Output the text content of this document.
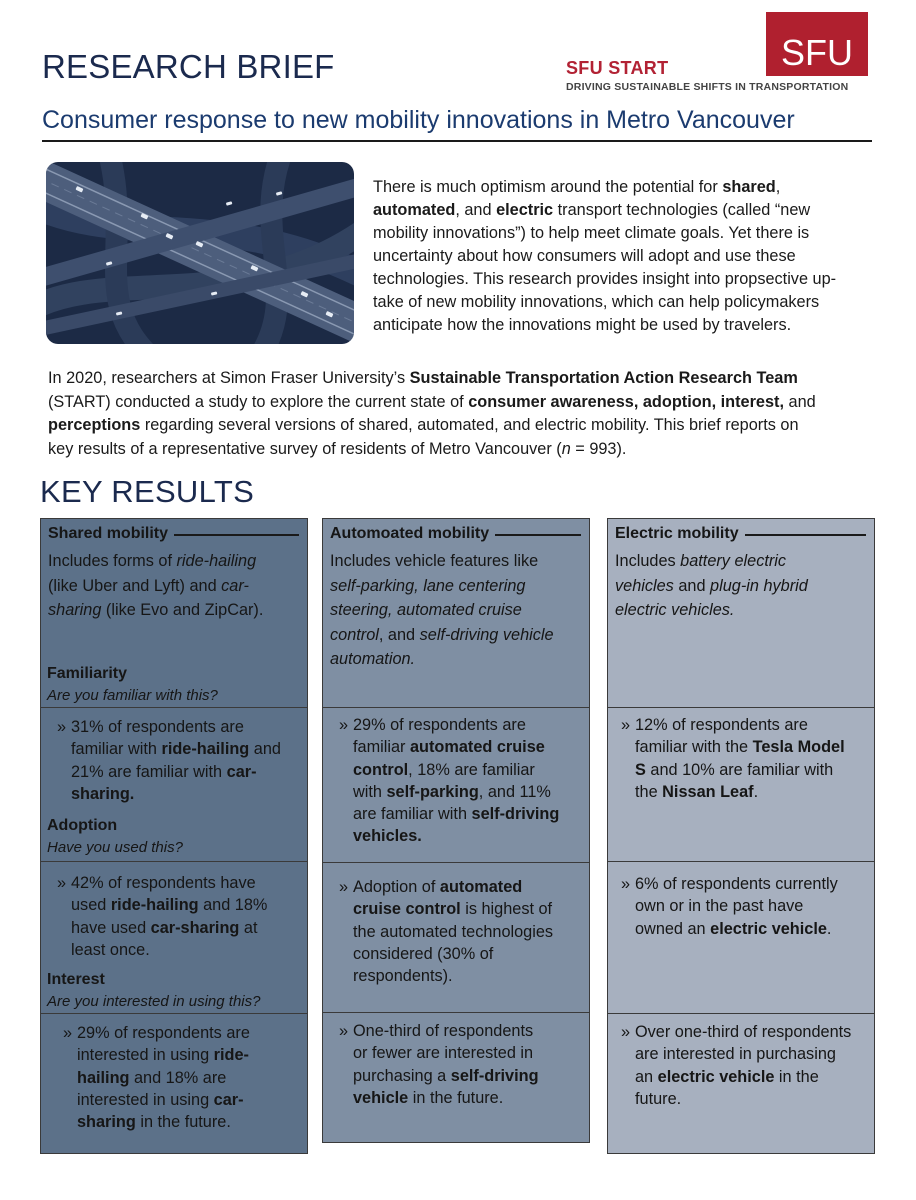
RESEARCH BRIEF	SFU START
DRIVING SUSTAINABLE SHIFTS IN TRANSPORTATION
SFU
Consumer response to new mobility innovations in Metro Vancouver
There is much optimism around the potential for shared,
automated, and electric transport technologies (called “new
mobility innovations”) to help meet climate goals. Yet there is
uncertainty about how consumers will adopt and use these
technologies. This research provides insight into propsective up-
take of new mobility innovations, which can help policymakers
anticipate how the innovations might be used by travelers.
In 2020, researchers at Simon Fraser University’s Sustainable Transportation Action Research Team
(START) conducted a study to explore the current state of consumer awareness, adoption, interest, and
perceptions regarding several versions of shared, automated, and electric mobility. This brief reports on
key results of a representative survey of residents of Metro Vancouver (n = 993).
KEY RESULTS
Shared mobility
Includes forms of ride-hailing
(like Uber and Lyft) and car-
sharing (like Evo and ZipCar).
Familiarity
Are you familiar with this?
» 31% of respondents are
familiar with ride-hailing and
21% are familiar with car-
sharing.
Adoption
Have you used this?
» 42% of respondents have
used ride-hailing and 18%
have used car-sharing at
least once.
Interest
Are you interested in using this?
» 29% of respondents are
interested in using ride-
hailing and 18% are
interested in using car-
sharing in the future.
Automoated mobility
Includes vehicle features like
self-parking, lane centering
steering, automated cruise
control, and self-driving vehicle
automation.
» 29% of respondents are
familiar automated cruise
control, 18% are familiar
with self-parking, and 11%
are familiar with self-driving
vehicles.
» Adoption of automated
cruise control is highest of
the automated technologies
considered (30% of
respondents).
» One-third of respondents
or fewer are interested in
purchasing a self-driving
vehicle in the future.
Electric mobility
Includes battery electric
vehicles and plug-in hybrid
electric vehicles.
» 12% of respondents are
familiar with the Tesla Model
S and 10% are familiar with
the Nissan Leaf.
» 6% of respondents currently
own or in the past have
owned an electric vehicle.
» Over one-third of respondents
are interested in purchasing
an electric vehicle in the
future.
